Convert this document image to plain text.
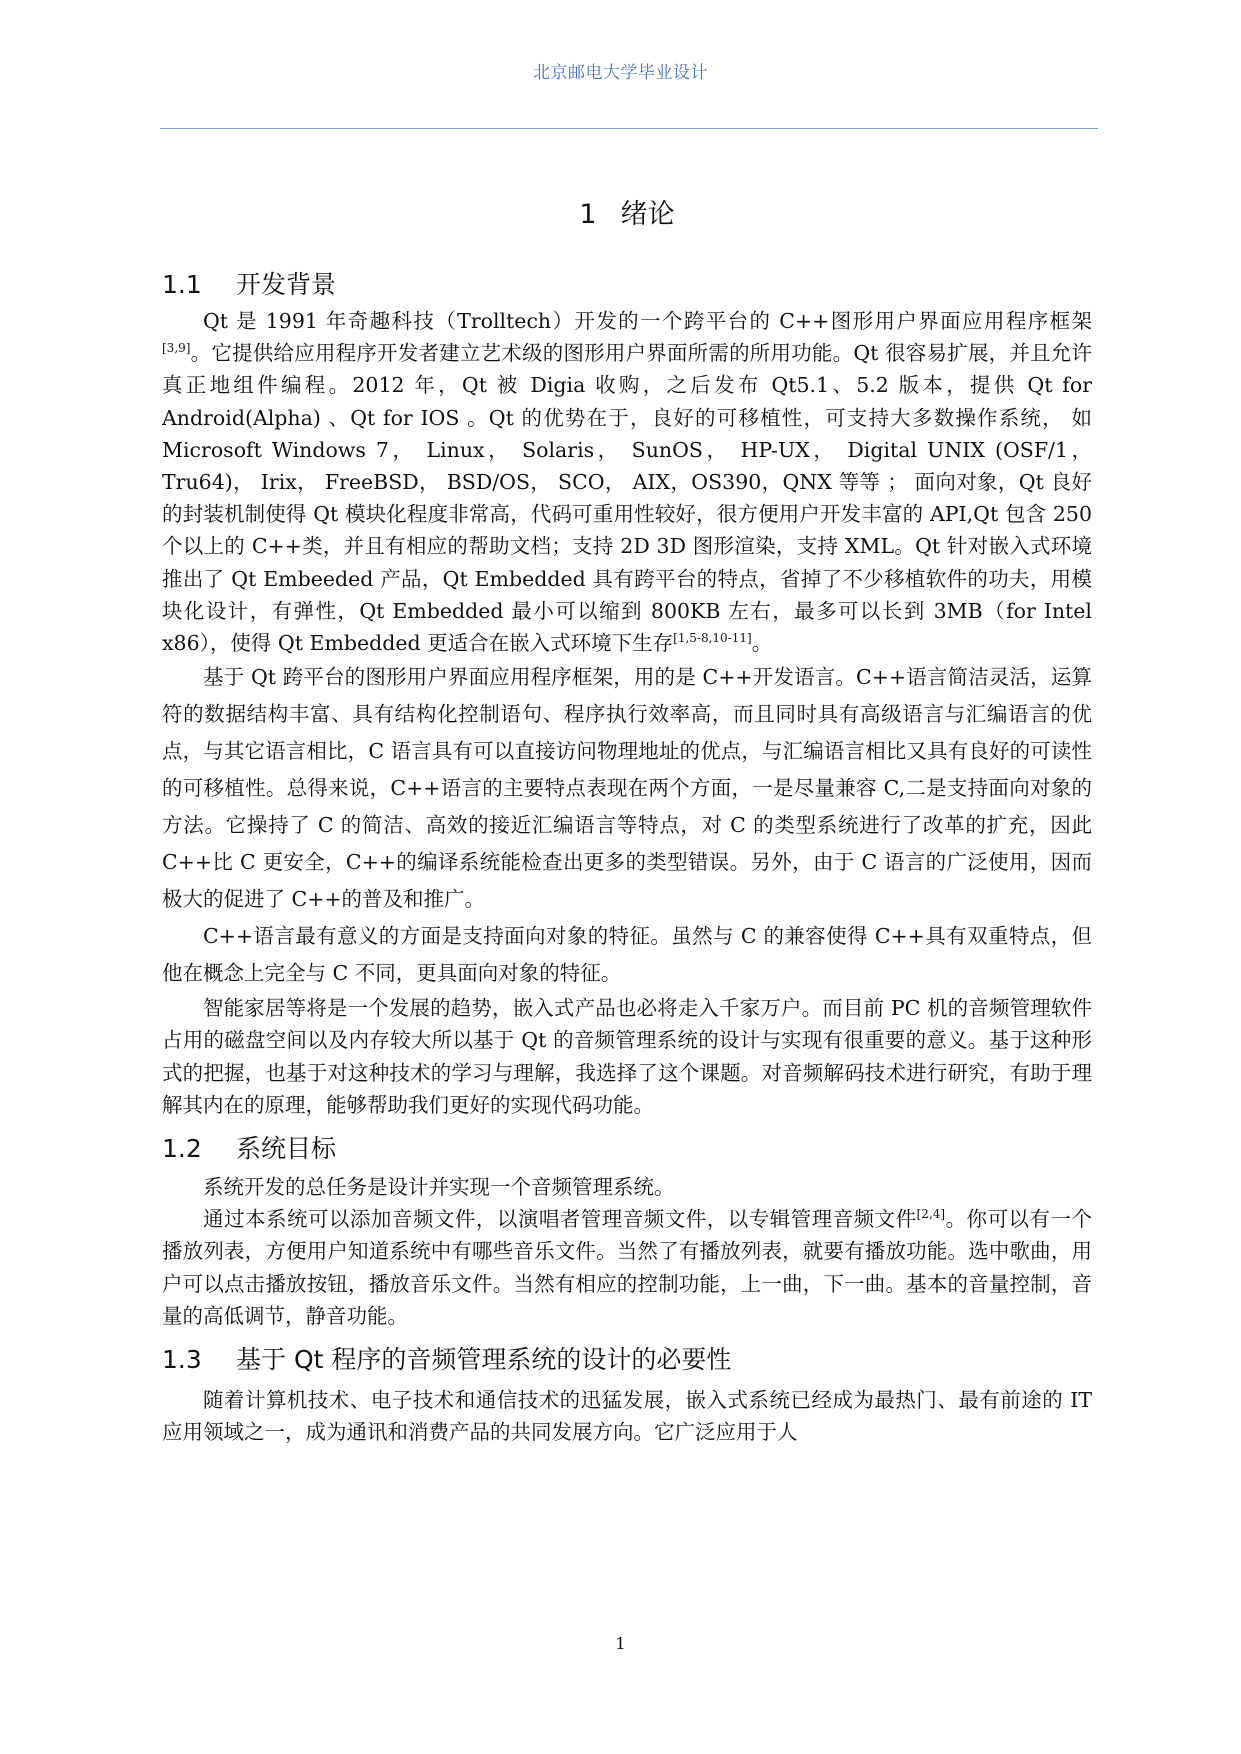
北京邮电大学毕业设计
1 绪论
1.1 开发背景

Qt 是 1991 年奇趣科技（Trolltech）开发的一个跨平台的 C++图形用户界面应用程序框架[3,9]。它提供给应用程序开发者建立艺术级的图形用户界面所需的所用功能。Qt 很容易扩展，并且允许真正地组件编程。2012 年，Qt 被 Digia 收购，之后发布 Qt5.1、5.2 版本，提供 Qt for Android(Alpha) 、Qt for IOS 。Qt 的优势在于，良好的可移植性，可支持大多数操作系统， 如 Microsoft Windows 7， Linux， Solaris， SunOS， HP-UX， Digital UNIX (OSF/1， Tru64)， Irix， FreeBSD， BSD/OS， SCO， AIX，OS390，QNX 等等 ； 面向对象，Qt 良好的封装机制使得 Qt 模块化程度非常高，代码可重用性较好，很方便用户开发丰富的 API,Qt 包含 250 个以上的 C++类，并且有相应的帮助文档；支持 2D 3D 图形渲染，支持 XML。Qt 针对嵌入式环境推出了 Qt Embeeded 产品，Qt Embedded 具有跨平台的特点，省掉了不少移植软件的功夫，用模块化设计，有弹性，Qt Embedded 最小可以缩到 800KB 左右，最多可以长到 3MB（for Intel x86），使得 Qt Embedded 更适合在嵌入式环境下生存[1,5-8,10-11]。

基于 Qt 跨平台的图形用户界面应用程序框架，用的是 C++开发语言。C++语言简洁灵活，运算符的数据结构丰富、具有结构化控制语句、程序执行效率高，而且同时具有高级语言与汇编语言的优点，与其它语言相比，C 语言具有可以直接访问物理地址的优点，与汇编语言相比又具有良好的可读性的可移植性。总得来说，C++语言的主要特点表现在两个方面，一是尽量兼容 C,二是支持面向对象的方法。它操持了 C 的简洁、高效的接近汇编语言等特点，对 C 的类型系统进行了改革的扩充，因此 C++比 C 更安全，C++的编译系统能检查出更多的类型错误。另外，由于 C 语言的广泛使用，因而极大的促进了 C++的普及和推广。

C++语言最有意义的方面是支持面向对象的特征。虽然与 C 的兼容使得 C++具有双重特点，但他在概念上完全与 C 不同，更具面向对象的特征。

智能家居等将是一个发展的趋势，嵌入式产品也必将走入千家万户。而目前 PC 机的音频管理软件占用的磁盘空间以及内存较大所以基于 Qt 的音频管理系统的设计与实现有很重要的意义。基于这种形式的把握，也基于对这种技术的学习与理解，我选择了这个课题。对音频解码技术进行研究，有助于理解其内在的原理，能够帮助我们更好的实现代码功能。

1.2 系统目标

系统开发的总任务是设计并实现一个音频管理系统。

通过本系统可以添加音频文件，以演唱者管理音频文件，以专辑管理音频文件[2,4]。你可以有一个播放列表，方便用户知道系统中有哪些音乐文件。当然了有播放列表，就要有播放功能。选中歌曲，用户可以点击播放按钮，播放音乐文件。当然有相应的控制功能，上一曲，下一曲。基本的音量控制，音量的高低调节，静音功能。

1.3 基于 Qt 程序的音频管理系统的设计的必要性

随着计算机技术、电子技术和通信技术的迅猛发展，嵌入式系统已经成为最热门、最有前途的 IT 应用领域之一，成为通讯和消费产品的共同发展方向。它广泛应用于人

1
